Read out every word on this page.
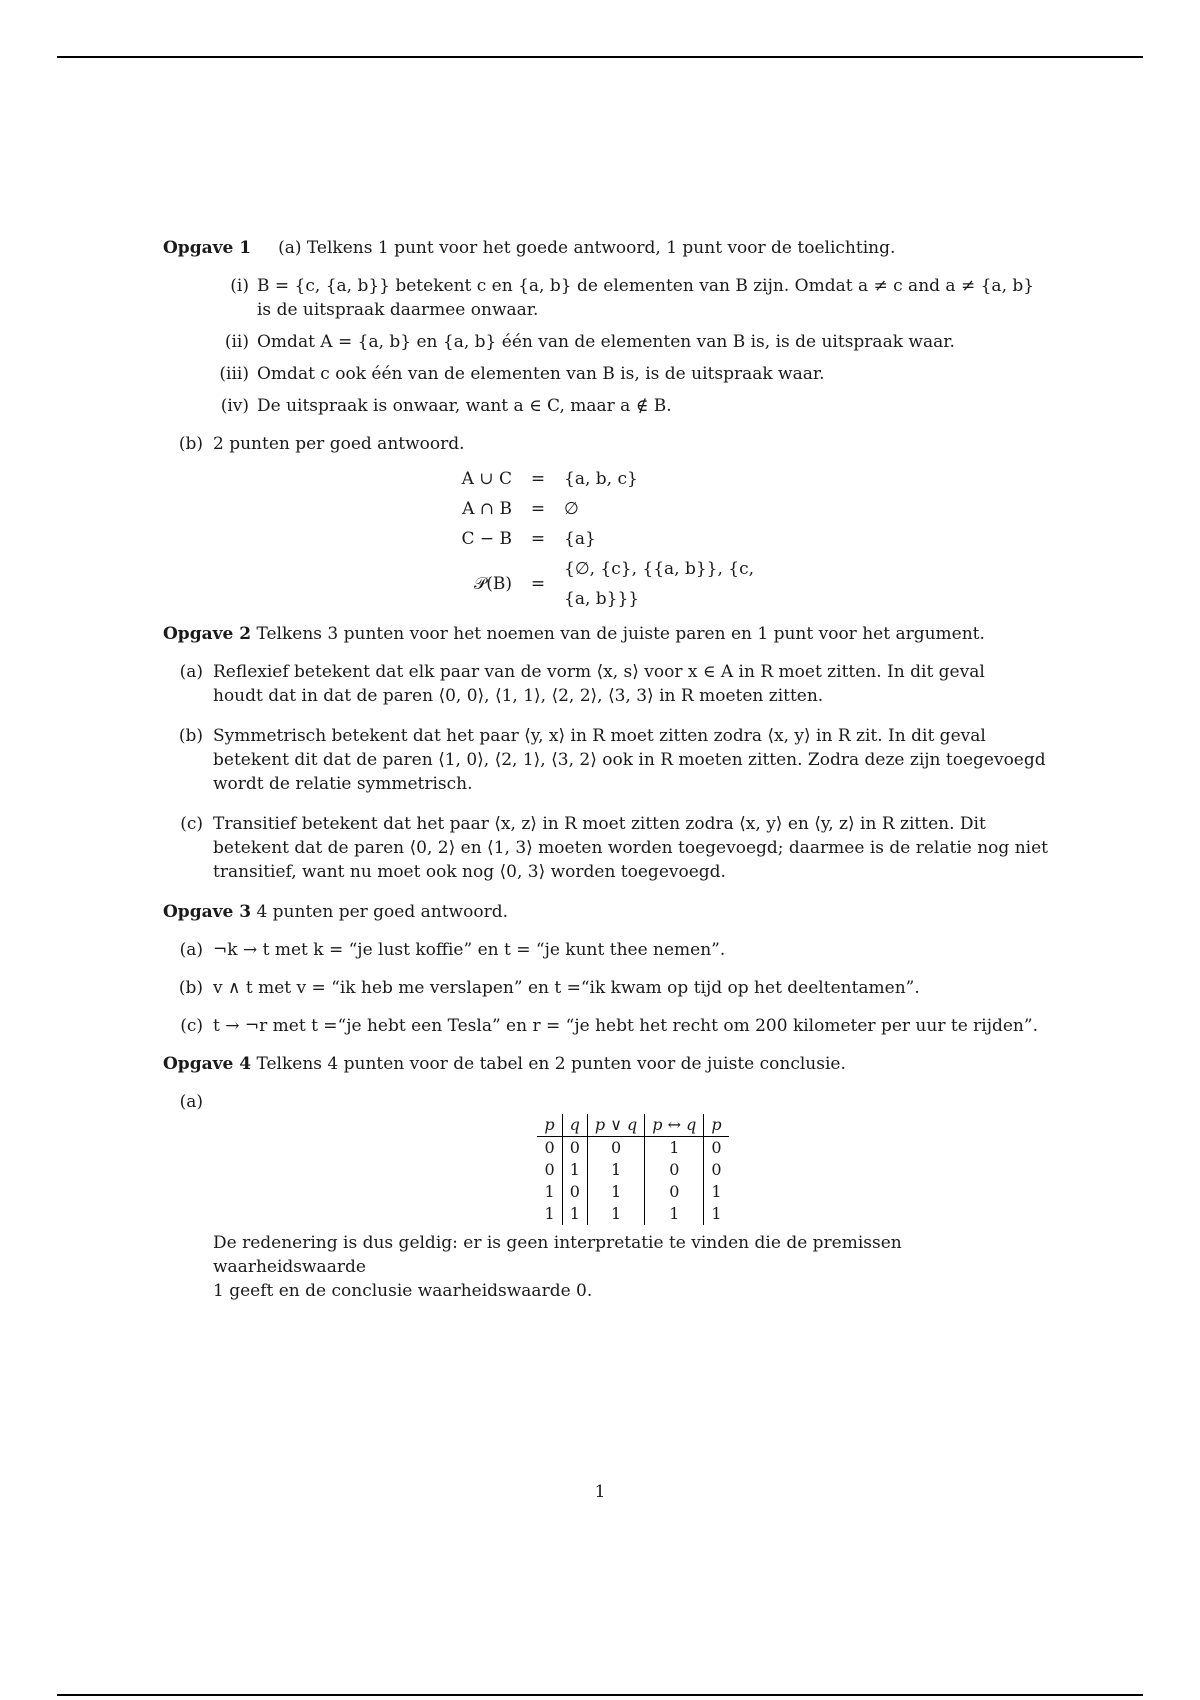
Opgave 1 (a) Telkens 1 punt voor het goede antwoord, 1 punt voor de toelichting.

(i) B = {c, {a, b}} betekent c en {a, b} de elementen van B zijn. Omdat a ≠ c and a ≠ {a, b}
is de uitspraak daarmee onwaar.
(ii) Omdat A = {a, b} en {a, b} één van de elementen van B is, is de uitspraak waar.
(iii) Omdat c ook één van de elementen van B is, is de uitspraak waar.
(iv) De uitspraak is onwaar, want a ∈ C, maar a ∉ B.
(b) 2 punten per goed antwoord.
A ∪ C	=	{a, b, c}
A ∩ B	=	∅
C − B	=	{a}
𝒫(B)	=	{∅, {c}, {{a, b}}, {c, {a, b}}}

Opgave 2 Telkens 3 punten voor het noemen van de juiste paren en 1 punt voor het argument.

(a) Reflexief betekent dat elk paar van de vorm ⟨x, s⟩ voor x ∈ A in R moet zitten. In dit geval
houdt dat in dat de paren ⟨0, 0⟩, ⟨1, 1⟩, ⟨2, 2⟩, ⟨3, 3⟩ in R moeten zitten.
(b) Symmetrisch betekent dat het paar ⟨y, x⟩ in R moet zitten zodra ⟨x, y⟩ in R zit. In dit geval
betekent dit dat de paren ⟨1, 0⟩, ⟨2, 1⟩, ⟨3, 2⟩ ook in R moeten zitten. Zodra deze zijn toegevoegd
wordt de relatie symmetrisch.
(c) Transitief betekent dat het paar ⟨x, z⟩ in R moet zitten zodra ⟨x, y⟩ en ⟨y, z⟩ in R zitten. Dit
betekent dat de paren ⟨0, 2⟩ en ⟨1, 3⟩ moeten worden toegevoegd; daarmee is de relatie nog niet
transitief, want nu moet ook nog ⟨0, 3⟩ worden toegevoegd.

Opgave 3 4 punten per goed antwoord.

(a) ¬k → t met k = “je lust koffie” en t = “je kunt thee nemen”.
(b) v ∧ t met v = “ik heb me verslapen” en t =“ik kwam op tijd op het deeltentamen”.
(c) t → ¬r met t =“je hebt een Tesla” en r = “je hebt het recht om 200 kilometer per uur te rijden”.

Opgave 4 Telkens 4 punten voor de tabel en 2 punten voor de juiste conclusie.

(a)
p	q	p ∨ q	p ↔ q	p
0	0	0	1	0
0	1	1	0	0
1	0	1	0	1
1	1	1	1	1
De redenering is dus geldig: er is geen interpretatie te vinden die de premissen waarheidswaarde
1 geeft en de conclusie waarheidswaarde 0.
1
